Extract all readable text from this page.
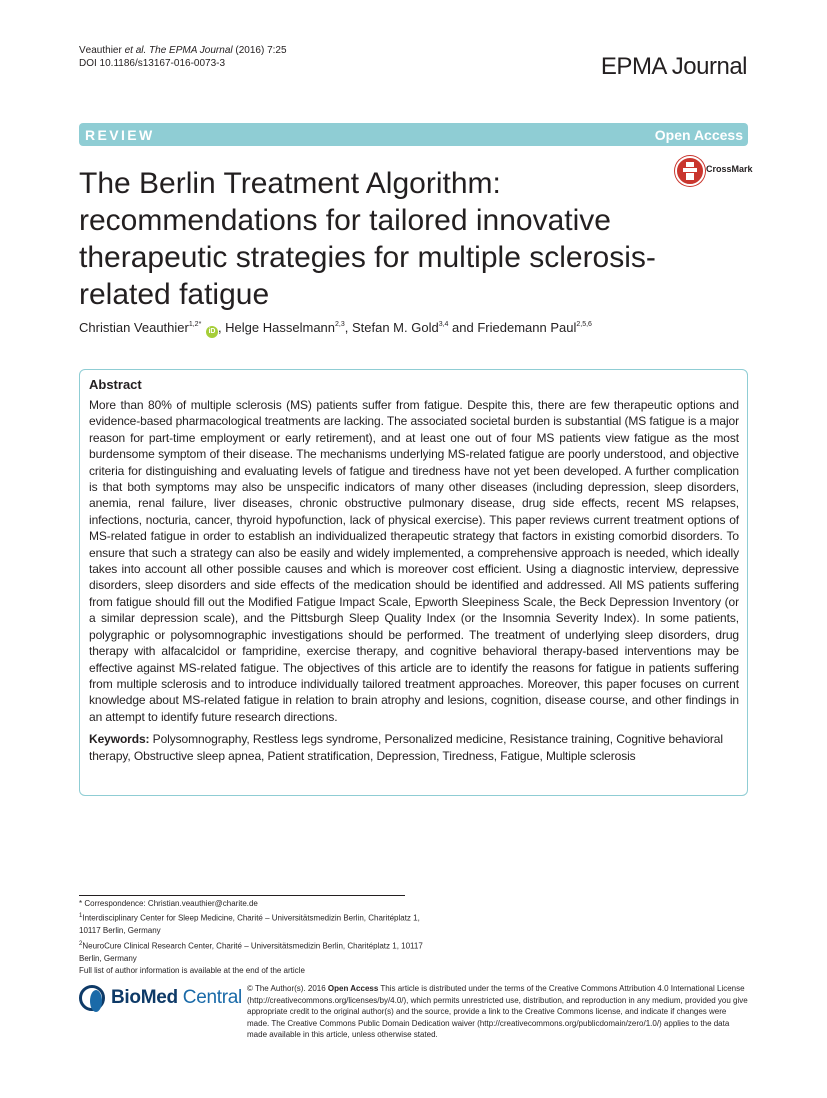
Vеauthier et al. The EPMA Journal (2016) 7:25
DOI 10.1186/s13167-016-0073-3	EPMA Journal
REVIEW	Open Access
CrossMark
The Berlin Treatment Algorithm: recommendations for tailored innovative therapeutic strategies for multiple sclerosis-related fatigue
Christian Veauthier$^{1,2*}$ iD , Helge Hasselmann$^{2,3}$, Stefan M. Gold$^{3,4}$ and Friedemann Paul$^{2,5,6}$
Abstract

More than 80% of multiple sclerosis (MS) patients suffer from fatigue. Despite this, there are few therapeutic options and evidence-based pharmacological treatments are lacking. The associated societal burden is substantial (MS fatigue is a major reason for part-time employment or early retirement), and at least one out of four MS patients view fatigue as the most burdensome symptom of their disease. The mechanisms underlying MS-related fatigue are poorly understood, and objective criteria for distinguishing and evaluating levels of fatigue and tiredness have not yet been developed. A further complication is that both symptoms may also be unspecific indicators of many other diseases (including depression, sleep disorders, anemia, renal failure, liver diseases, chronic obstructive pulmonary disease, drug side effects, recent MS relapses, infections, nocturia, cancer, thyroid hypofunction, lack of physical exercise). This paper reviews current treatment options of MS-related fatigue in order to establish an individualized therapeutic strategy that factors in existing comorbid disorders. To ensure that such a strategy can also be easily and widely implemented, a comprehensive approach is needed, which ideally takes into account all other possible causes and which is moreover cost efficient. Using a diagnostic interview, depressive disorders, sleep disorders and side effects of the medication should be identified and addressed. All MS patients suffering from fatigue should fill out the Modified Fatigue Impact Scale, Epworth Sleepiness Scale, the Beck Depression Inventory (or a similar depression scale), and the Pittsburgh Sleep Quality Index (or the Insomnia Severity Index). In some patients, polygraphic or polysomnographic investigations should be performed. The treatment of underlying sleep disorders, drug therapy with alfacalcidol or fampridine, exercise therapy, and cognitive behavioral therapy-based interventions may be effective against MS-related fatigue. The objectives of this article are to identify the reasons for fatigue in patients suffering from multiple sclerosis and to introduce individually tailored treatment approaches. Moreover, this paper focuses on current knowledge about MS-related fatigue in relation to brain atrophy and lesions, cognition, disease course, and other findings in an attempt to identify future research directions.

Keywords: Polysomnography, Restless legs syndrome, Personalized medicine, Resistance training, Cognitive behavioral therapy, Obstructive sleep apnea, Patient stratification, Depression, Tiredness, Fatigue, Multiple sclerosis

* Correspondence: Christian.veauthier@charite.de
$^1$Interdisciplinary Center for Sleep Medicine, Charité – Universitätsmedizin Berlin, Charitéplatz 1, 10117 Berlin, Germany
$^2$NeuroCure Clinical Research Center, Charité – Universitätsmedizin Berlin, Charitéplatz 1, 10117 Berlin, Germany
Full list of author information is available at the end of the article
BioMed Central © The Author(s). 2016 Open Access This article is distributed under the terms of the Creative Commons Attribution 4.0 International License (http://creativecommons.org/licenses/by/4.0/), which permits unrestricted use, distribution, and reproduction in any medium, provided you give appropriate credit to the original author(s) and the source, provide a link to the Creative Commons license, and indicate if changes were made. The Creative Commons Public Domain Dedication waiver (http://creativecommons.org/publicdomain/zero/1.0/) applies to the data made available in this article, unless otherwise stated.
